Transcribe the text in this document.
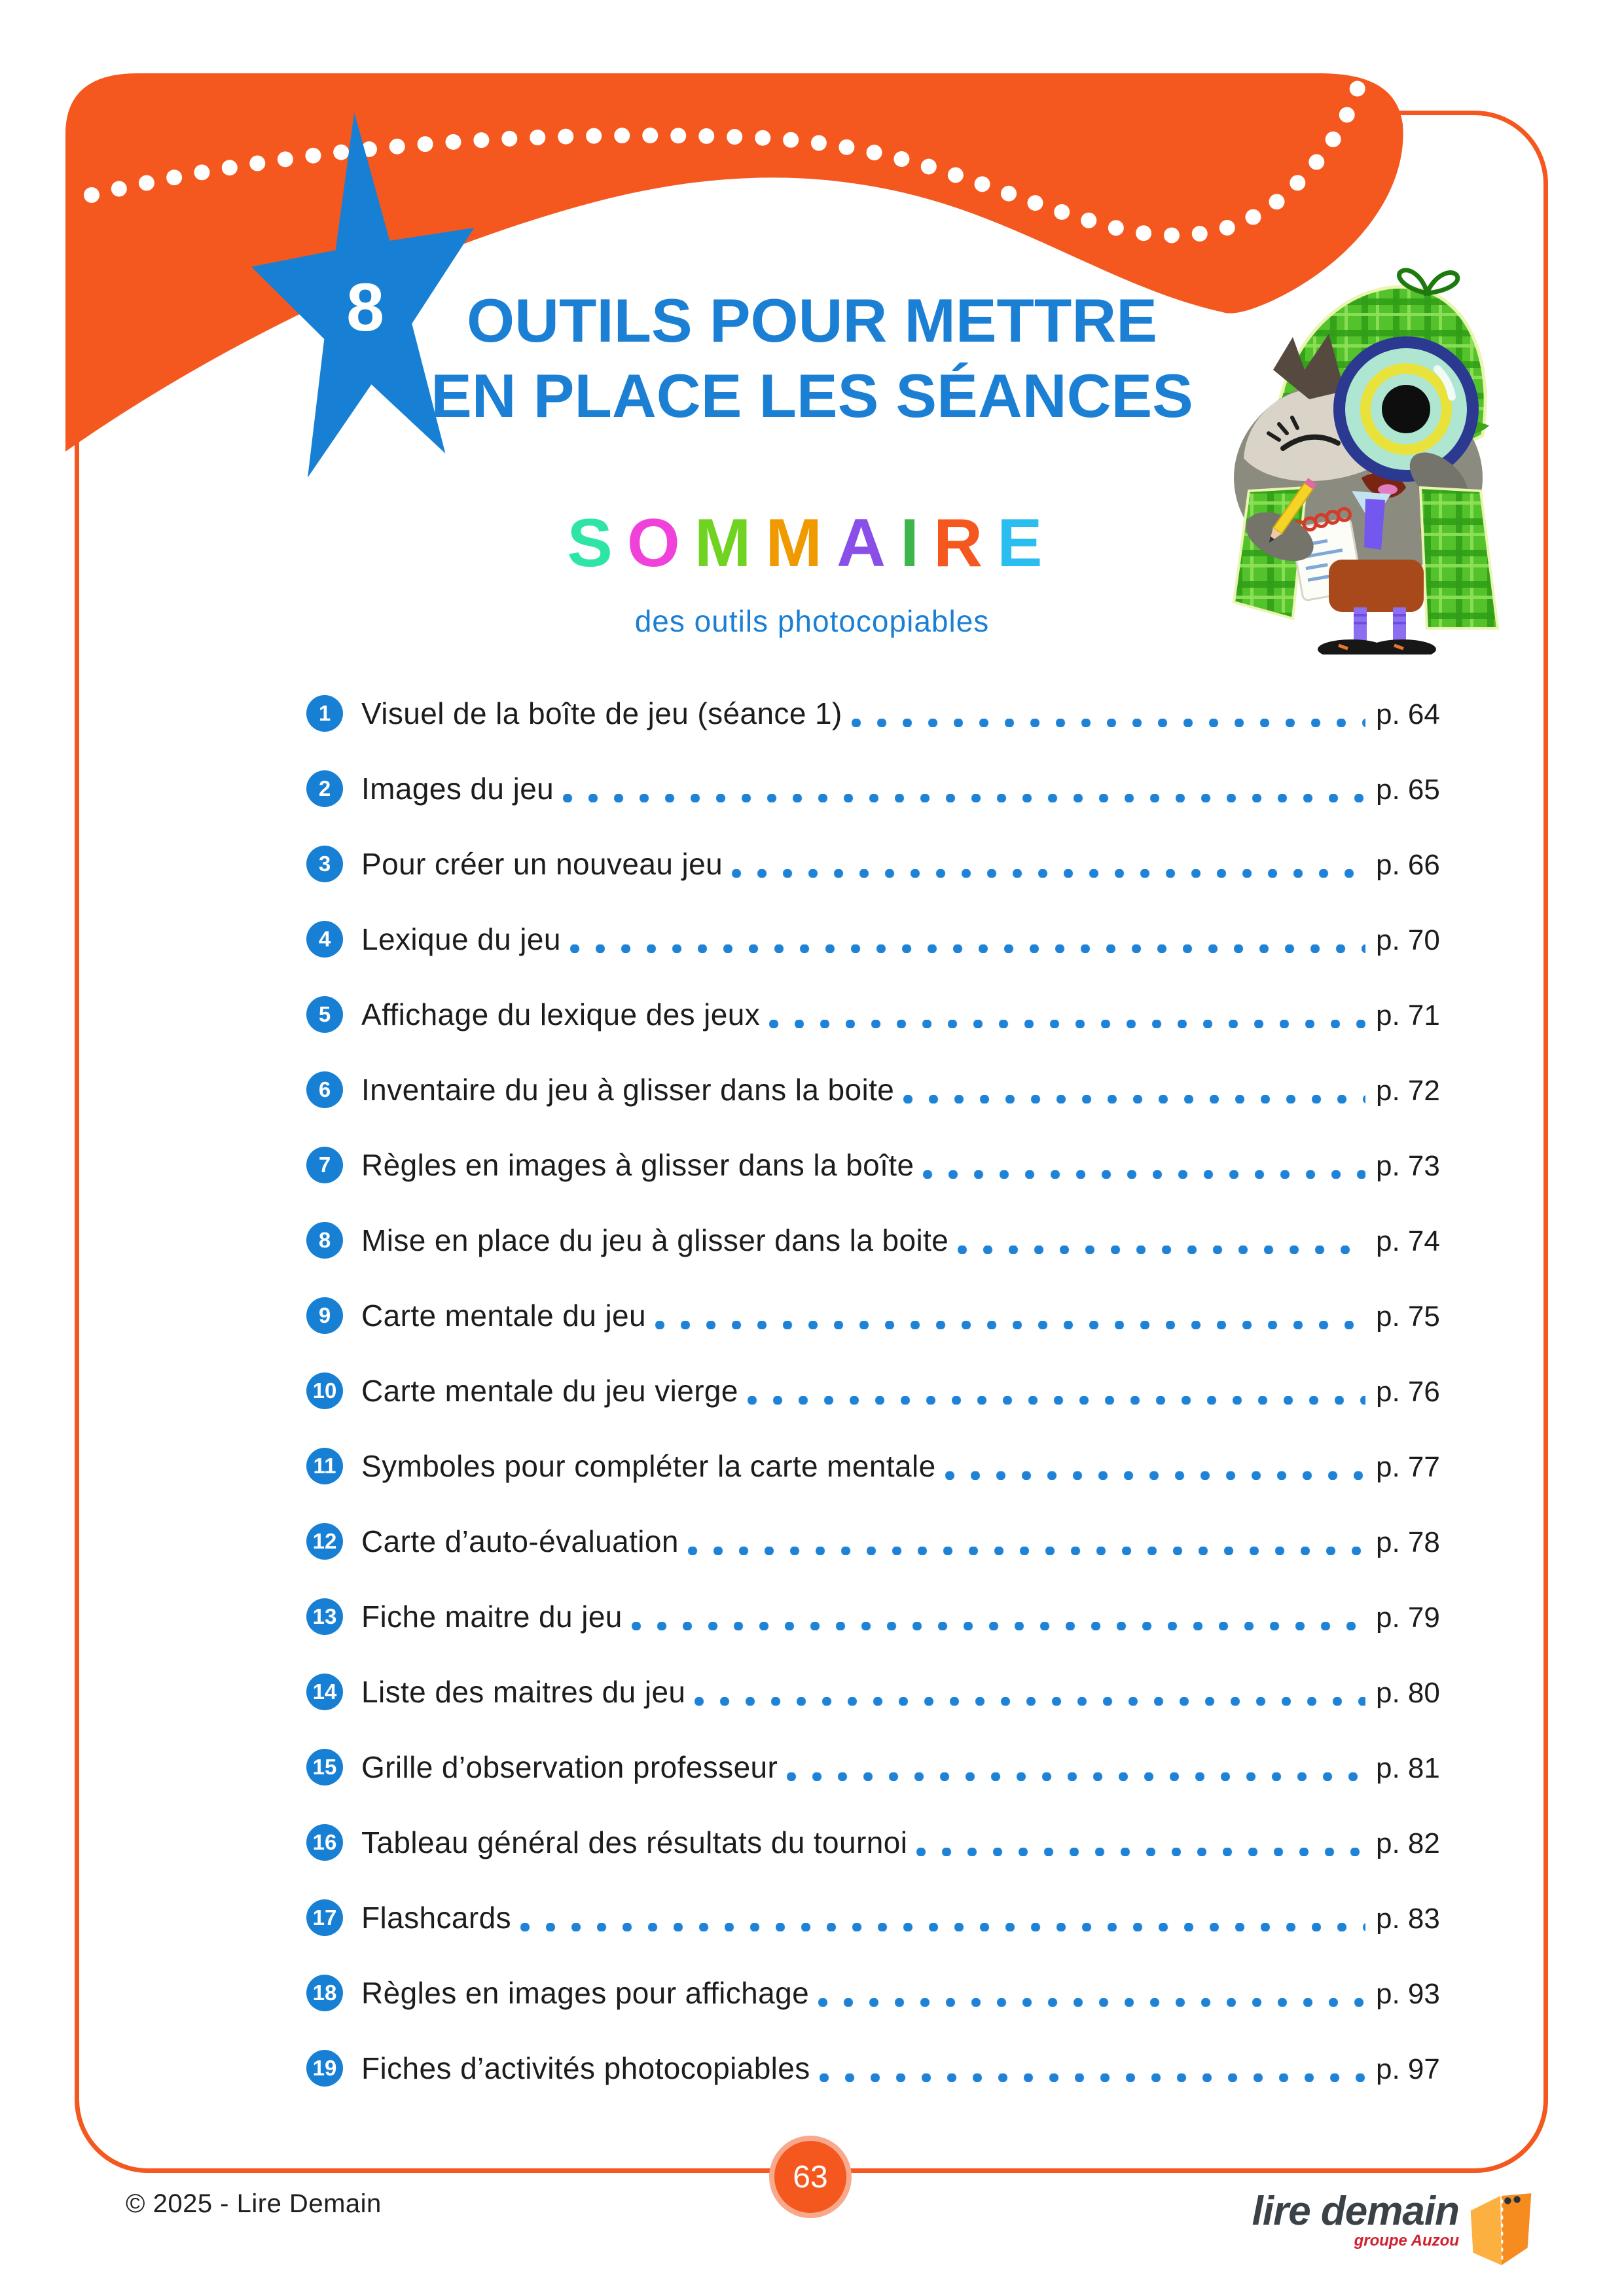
8	OUTILS POUR METTRE
EN PLACE LES SÉANCES
SOMMAIRE
des outils photocopiables
1	Visuel de la boîte de jeu (séance 1)	p. 64
2	Images du jeu	p. 65
3	Pour créer un nouveau jeu	p. 66
4	Lexique du jeu	p. 70
5	Affichage du lexique des jeux	p. 71
6	Inventaire du jeu à glisser dans la boite	p. 72
7	Règles en images à glisser dans la boîte	p. 73
8	Mise en place du jeu à glisser dans la boite	p. 74
9	Carte mentale du jeu	p. 75
10 Carte mentale du jeu vierge	p. 76
11 Symboles pour compléter la carte mentale	p. 77
12 Carte d’auto-évaluation	p. 78
13 Fiche maitre du jeu	p. 79
14 Liste des maitres du jeu	p. 80
15 Grille d’observation professeur	p. 81
16 Tableau général des résultats du tournoi	p. 82
17 Flashcards	p. 83
18 Règles en images pour affichage	p. 93
19 Fiches d’activités photocopiables	p. 97
© 2025 - Lire Demain
63
lire demain
groupe Auzou
